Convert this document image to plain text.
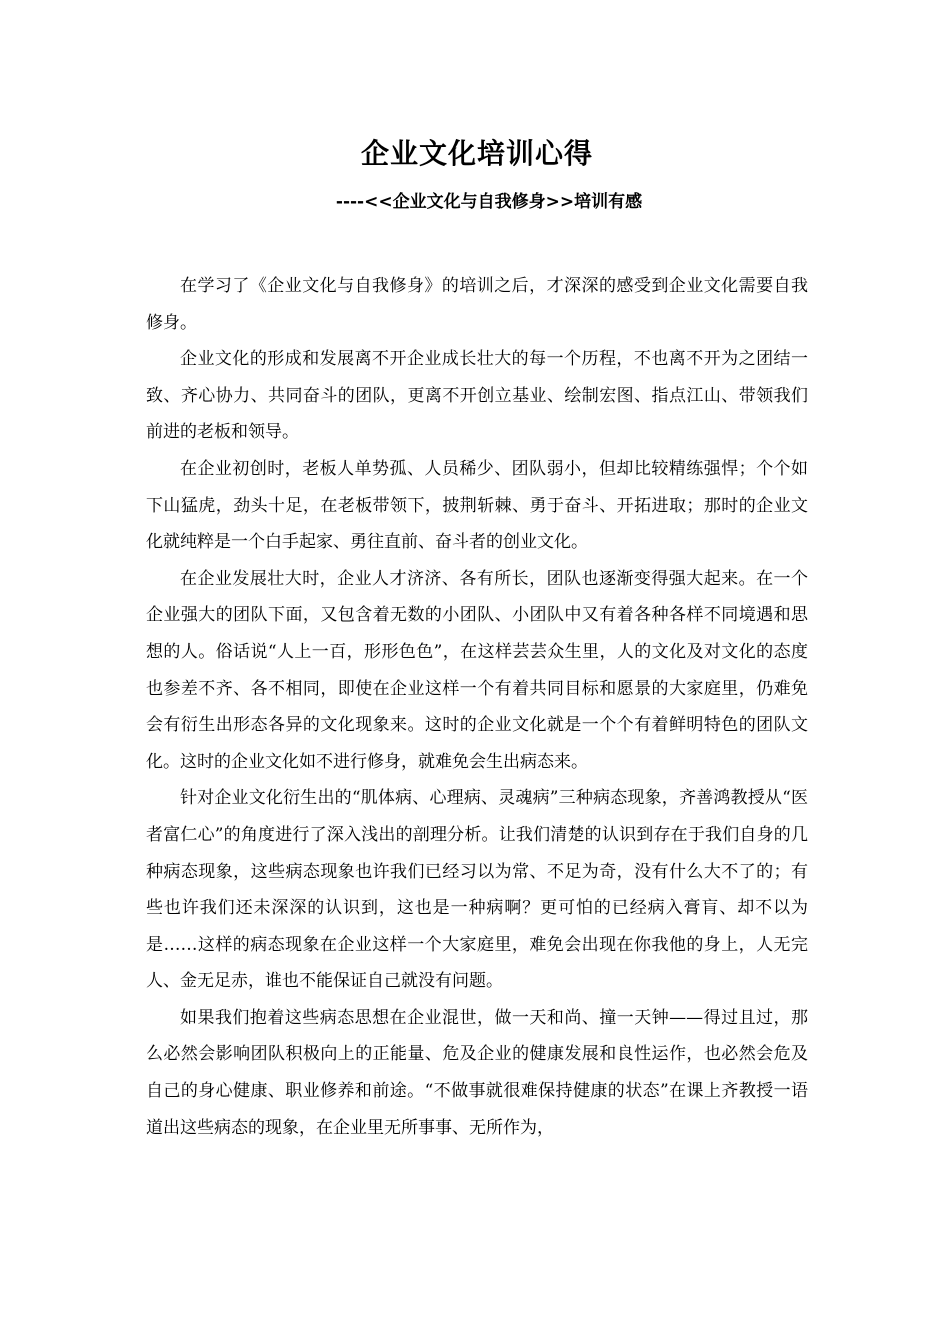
企业文化培训心得
----<<企业文化与自我修身>>培训有感

在学习了《企业文化与自我修身》的培训之后，才深深的感受到企业文化需要自我修身。

企业文化的形成和发展离不开企业成长壮大的每一个历程，不也离不开为之团结一致、齐心协力、共同奋斗的团队，更离不开创立基业、绘制宏图、指点江山、带领我们前进的老板和领导。

在企业初创时，老板人单势孤、人员稀少、团队弱小，但却比较精练强悍；个个如下山猛虎，劲头十足，在老板带领下，披荆斩棘、勇于奋斗、开拓进取；那时的企业文化就纯粹是一个白手起家、勇往直前、奋斗者的创业文化。

在企业发展壮大时，企业人才济济、各有所长，团队也逐渐变得强大起来。在一个企业强大的团队下面，又包含着无数的小团队、小团队中又有着各种各样不同境遇和思想的人。俗话说“人上一百，形形色色”，在这样芸芸众生里，人的文化及对文化的态度也参差不齐、各不相同，即使在企业这样一个有着共同目标和愿景的大家庭里，仍难免会有衍生出形态各异的文化现象来。这时的企业文化就是一个个有着鲜明特色的团队文化。这时的企业文化如不进行修身，就难免会生出病态来。

针对企业文化衍生出的“肌体病、心理病、灵魂病”三种病态现象，齐善鸿教授从“医者富仁心”的角度进行了深入浅出的剖理分析。让我们清楚的认识到存在于我们自身的几种病态现象，这些病态现象也许我们已经习以为常、不足为奇，没有什么大不了的；有些也许我们还未深深的认识到，这也是一种病啊？更可怕的已经病入膏肓、却不以为是……这样的病态现象在企业这样一个大家庭里，难免会出现在你我他的身上，人无完人、金无足赤，谁也不能保证自己就没有问题。

如果我们抱着这些病态思想在企业混世，做一天和尚、撞一天钟——得过且过，那么必然会影响团队积极向上的正能量、危及企业的健康发展和良性运作，也必然会危及自己的身心健康、职业修养和前途。“不做事就很难保持健康的状态”在课上齐教授一语道出这些病态的现象，在企业里无所事事、无所作为，
